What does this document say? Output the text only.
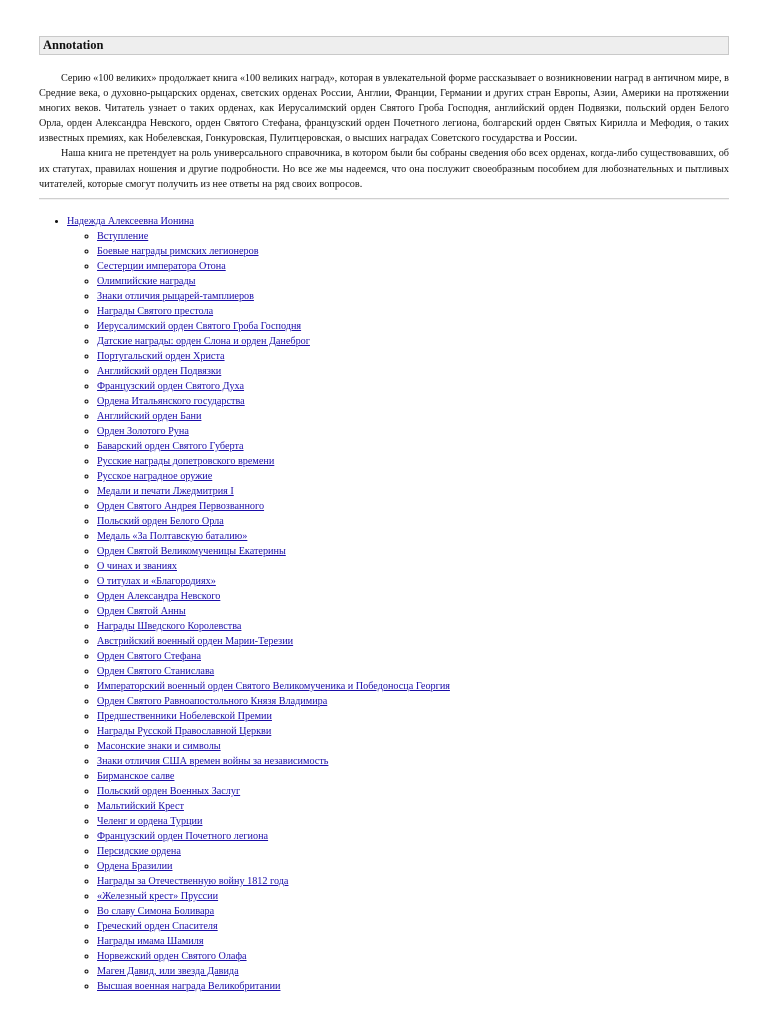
Annotation

Серию «100 великих» продолжает книга «100 великих наград», которая в увлекательной форме рассказывает о возникновении наград в античном мире, в Средние века, о духовно-рыцарских орденах, светских орденах России, Англии, Франции, Германии и других стран Европы, Азии, Америки на протяжении многих веков. Читатель узнает о таких орденах, как Иерусалимский орден Святого Гроба Господня, английский орден Подвязки, польский орден Белого Орла, орден Александра Невского, орден Святого Стефана, французский орден Почетного легиона, болгарский орден Святых Кирилла и Мефодия, о таких известных премиях, как Нобелевская, Гонкуровская, Пулитцеровская, о высших наградах Советского государства и России.

Наша книга не претендует на роль универсального справочника, в котором были бы собраны сведения обо всех орденах, когда-либо существовавших, об их статутах, правилах ношения и другие подробности. Но все же мы надеемся, что она послужит своеобразным пособием для любознательных и пытливых читателей, которые смогут получить из нее ответы на ряд своих вопросов.

• Надежда Алексеевна Ионина
◦ Вступление
◦ Боевые награды римских легионеров
◦ Сестерции императора Отона
◦ Олимпийские награды
◦ Знаки отличия рыцарей-тамплиеров
◦ Награды Святого престола
◦ Иерусалимский орден Святого Гроба Господня
◦ Датские награды: орден Слона и орден Данеброг
◦ Португальский орден Христа
◦ Английский орден Подвязки
◦ Французский орден Святого Духа
◦ Ордена Итальянского государства
◦ Английский орден Бани
◦ Орден Золотого Руна
◦ Баварский орден Святого Губерта
◦ Русские награды допетровского времени
◦ Русское наградное оружие
◦ Медали и печати Лжедмитрия I
◦ Орден Святого Андрея Первозванного
◦ Польский орден Белого Орла
◦ Медаль «За Полтавскую баталию»
◦ Орден Святой Великомученицы Екатерины
◦ О чинах и званиях
◦ О титулах и «Благородиях»
◦ Орден Александра Невского
◦ Орден Святой Анны
◦ Награды Шведского Королевства
◦ Австрийский военный орден Марии-Терезии
◦ Орден Святого Стефана
◦ Орден Святого Станислава
◦ Императорский военный орден Святого Великомученика и Победоносца Георгия
◦ Орден Святого Равноапостольного Князя Владимира
◦ Предшественники Нобелевской Премии
◦ Награды Русской Православной Церкви
◦ Масонские знаки и символы
◦ Знаки отличия США времен войны за независимость
◦ Бирманское салве
◦ Польский орден Военных Заслуг
◦ Мальтийский Крест
◦ Челенг и ордена Турции
◦ Французский орден Почетного легиона
◦ Персидские ордена
◦ Ордена Бразилии
◦ Награды за Отечественную войну 1812 года
◦ «Железный крест» Пруссии
◦ Во славу Симона Боливара
◦ Греческий орден Спасителя
◦ Награды имама Шамиля
◦ Норвежский орден Святого Олафа
◦ Маген Давид, или звезда Давида
◦ Высшая военная награда Великобритании
